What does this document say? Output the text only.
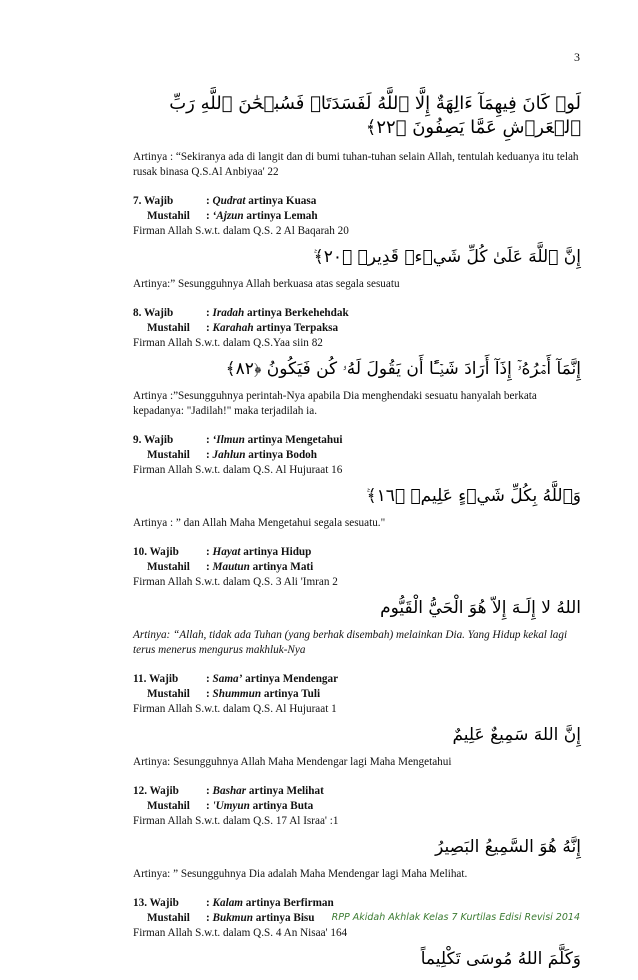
3
لَوۡ كَانَ فِيهِمَآ ءَالِهَةٌ إِلَّا ٱللَّهُ لَفَسَدَتَاۚ فَسُبۡحَٰنَ ٱللَّهِ رَبِّ ٱلۡعَرۡشِ عَمَّا يَصِفُونَ ﴿٢٢﴾

Artinya : “Sekiranya ada di langit dan di bumi tuhan-tuhan selain Allah, tentulah keduanya itu telah rusak binasa Q.S.Al Anbiyaa' 22

7. Wajib	: Qudrat artinya Kuasa
Mustahil	: ‘Ajzun artinya Lemah

Firman Allah S.w.t. dalam Q.S. 2 Al Baqarah 20

إِنَّ ٱللَّهَ عَلَىٰ كُلِّ شَيۡءٖ قَدِيرٞ ﴿٢٠﴾

Artinya:” Sesungguhnya Allah berkuasa atas segala sesuatu

8. Wajib	: Iradah artinya Berkehehdak
Mustahil	: Karahah artinya Terpaksa

Firman Allah S.w.t. dalam Q.S.Yaa siin 82

إِنَّمَآ أَمۡرُهُۥٓ إِذَآ أَرَادَ شَيۡـًٔا أَن يَقُولَ لَهُۥ كُن فَيَكُونُ ﴿٨٢﴾

Artinya :”Sesungguhnya perintah-Nya apabila Dia menghendaki sesuatu hanyalah berkata kepadanya: "Jadilah!" maka terjadilah ia.

9. Wajib	: ‘Ilmun artinya Mengetahui
Mustahil	: Jahlun artinya Bodoh

Firman Allah S.w.t. dalam Q.S. Al Hujuraat 16

وَٱللَّهُ بِكُلِّ شَيۡءٍ عَلِيمٞ ﴿١٦﴾

Artinya : ” dan Allah Maha Mengetahui segala sesuatu."

10. Wajib	: Hayat artinya Hidup
Mustahil	: Mautun artinya Mati

Firman Allah S.w.t. dalam Q.S. 3 Ali 'Imran 2

اللهُ لا إِلَـهَ إِلاّ هُوَ الْحَيُّ الْقَيُّوم

Artinya: “Allah, tidak ada Tuhan (yang berhak disembah) melainkan Dia. Yang Hidup kekal lagi terus menerus mengurus makhluk-Nya

11. Wajib	: Sama’ artinya Mendengar
Mustahil	: Shummun artinya Tuli

Firman Allah S.w.t. dalam Q.S. Al Hujuraat 1

إِنَّ اللهَ سَمِيعٌ عَلِيمٌ

Artinya: Sesungguhnya Allah Maha Mendengar lagi Maha Mengetahui

12. Wajib	: Bashar artinya Melihat
Mustahil	: 'Umyun artinya Buta

Firman Allah S.w.t. dalam Q.S. 17 Al Israa' :1

إِنَّهُ هُوَ السَّمِيعُ البَصِيرُ

Artinya: ” Sesungguhnya Dia adalah Maha Mendengar lagi Maha Melihat.

13. Wajib	: Kalam artinya Berfirman
Mustahil	: Bukmun artinya Bisu

Firman Allah S.w.t. dalam Q.S. 4 An Nisaa' 164

وَكَلَّمَ اللهُ مُوسَى تَكْلِيماً
RPP Akidah Akhlak Kelas 7 Kurtilas Edisi Revisi 2014
